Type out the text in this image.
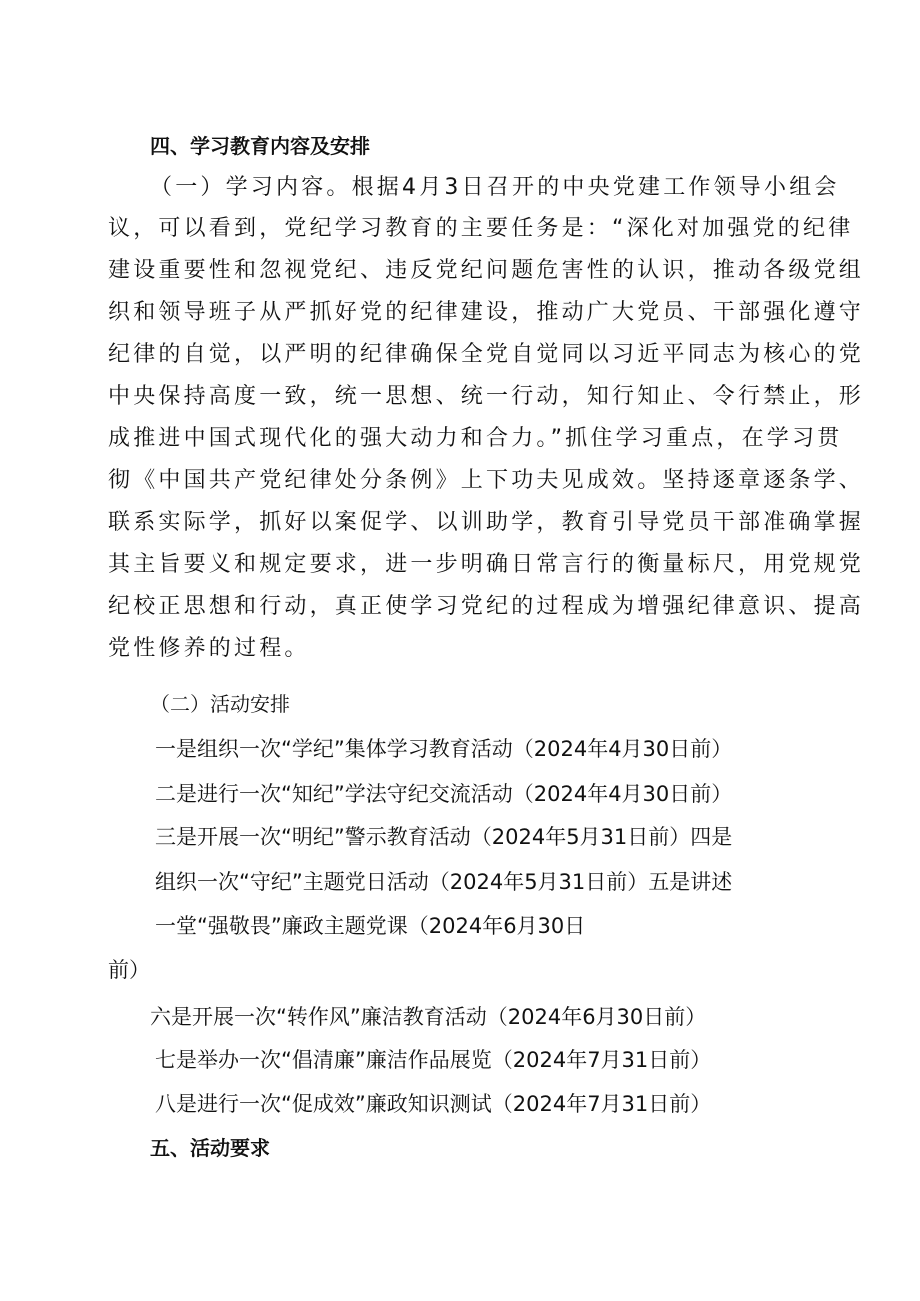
四、学习教育内容及安排
（一）学习内容。根据4月3日召开的中央党建工作领导小组会
议，可以看到，党纪学习教育的主要任务是：“深化对加强党的纪律
建设重要性和忽视党纪、违反党纪问题危害性的认识，推动各级党组
织和领导班子从严抓好党的纪律建设，推动广大党员、干部强化遵守
纪律的自觉，以严明的纪律确保全党自觉同以习近平同志为核心的党
中央保持高度一致，统一思想、统一行动，知行知止、令行禁止，形
成推进中国式现代化的强大动力和合力。”抓住学习重点，在学习贯
彻《中国共产党纪律处分条例》上下功夫见成效。坚持逐章逐条学、
联系实际学，抓好以案促学、以训助学，教育引导党员干部准确掌握
其主旨要义和规定要求，进一步明确日常言行的衡量标尺，用党规党
纪校正思想和行动，真正使学习党纪的过程成为增强纪律意识、提高
党性修养的过程。
（二）活动安排
一是组织一次“学纪”集体学习教育活动（2024年4月30日前）
二是进行一次“知纪”学法守纪交流活动（2024年4月30日前）
三是开展一次“明纪”警示教育活动（2024年5月31日前）四是
组织一次“守纪”主题党日活动（2024年5月31日前）五是讲述
一堂“强敬畏”廉政主题党课（2024年6月30日
前）
六是开展一次“转作风”廉洁教育活动（2024年6月30日前）
七是举办一次“倡清廉”廉洁作品展览（2024年7月31日前）
八是进行一次“促成效”廉政知识测试（2024年7月31日前）
五、活动要求
